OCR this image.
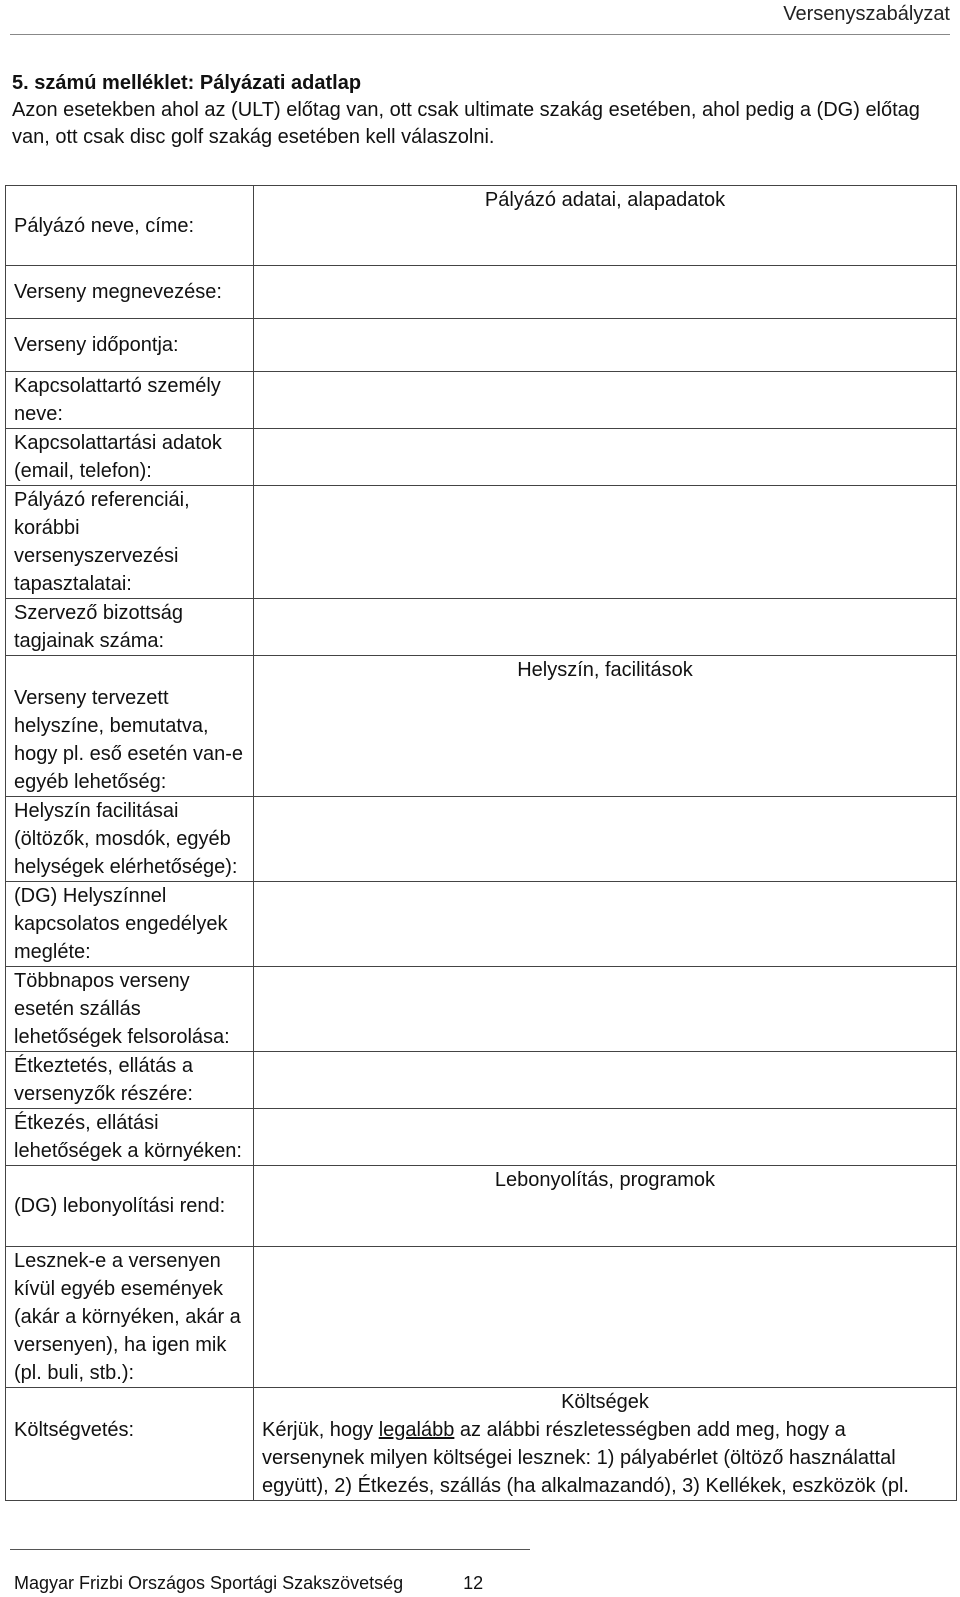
Versenyszabályzat
5. számú melléklet: Pályázati adatlap
Azon esetekben ahol az (ULT) előtag van, ott csak ultimate szakág esetében, ahol pedig a (DG) előtag van, ott csak disc golf szakág esetében kell válaszolni.
Pályázó neve, címe:	Pályázó adatai, alapadatok
Verseny megnevezése:	
Verseny időpontja:	
Kapcsolattartó személy neve:	
Kapcsolattartási adatok (email, telefon):	
Pályázó referenciái, korábbi versenyszervezési tapasztalatai:	
Szervező bizottság tagjainak száma:	
Verseny tervezett helyszíne, bemutatva, hogy pl. eső esetén van-e egyéb lehetőség:	Helyszín, facilitások
Helyszín facilitásai (öltözők, mosdók, egyéb helységek elérhetősége):	
(DG) Helyszínnel kapcsolatos engedélyek megléte:	
Többnapos verseny esetén szállás lehetőségek felsorolása:	
Étkeztetés, ellátás a versenyzők részére:	
Étkezés, ellátási lehetőségek a környéken:	
(DG) lebonyolítási rend:	Lebonyolítás, programok
Lesznek-e a versenyen kívül egyéb események (akár a környéken, akár a versenyen), ha igen mik (pl. buli, stb.):	
Költségvetés:	Költségek
Kérjük, hogy legalább az alábbi részletességben add meg, hogy a versenynek milyen költségei lesznek: 1) pályabérlet (öltöző használattal együtt), 2) Étkezés, szállás (ha alkalmazandó), 3) Kellékek, eszközök (pl.
Magyar Frizbi Országos Sportági Szakszövetség	12
